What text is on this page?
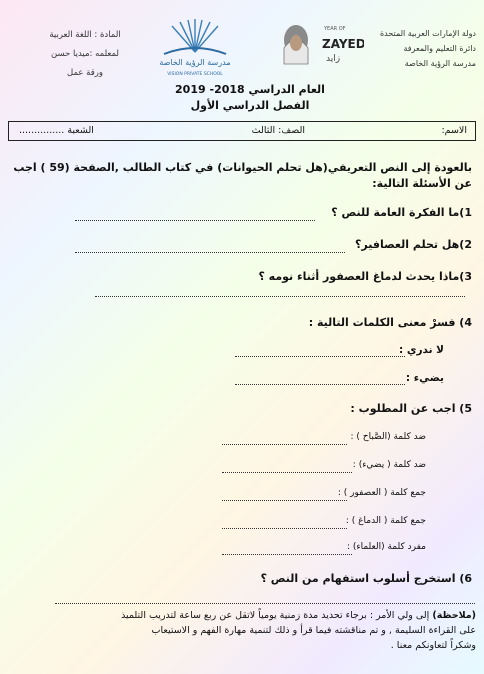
دولة الإمارات العربية المتحدة
دائرة التعليم والمعرفة
مدرسة الرؤية الخاصة
YEAR OF
ZAYED
زايد
مدرسة الرؤية الخاصة
VISION PRIVATE SCHOOL
المادة : اللغة العربية
لمعلمه :ميديا حسن
ورقة عمل
العام الدراسي 2018- 2019
الفصل الدراسي الأول
الاسم:
الصف: الثالث
الشعبة ...............
بالعودة إلى النص التعريفي(هل تحلم الحيوانات) في كتاب الطالب ,الصفحة (59 ) اجب عن الأسئلة التالية:
1)ما الفكرة العامة للنص ؟
2)هل تحلم العصافير؟
3)ماذا يحدث لدماغ العصفور أثناء نومه ؟
4) فسرْ معنى الكلمات التالية :
لا ندري :
يضيء :
5) اجب عن المطلوب :
ضد كلمة (الصَّباح ) :
ضد كلمة ( يضيء) :
جمع كلمة ( العصفور ) :
جمع كلمة ( الدماغ ) :
مفرد كلمة (العلماء) :
6) استخرج أسلوب استفهام من النص ؟
(ملاحظة) إلى ولي الأمر : برجاء تحديد مدة زمنية يومياً لاتقل عن ربع ساعة لتدريب التلميذ
على القراءة السليمة , و تم مناقشته فيما قرأ و ذلك لتنمية مهارة الفهم و الاستيعاب
وشكراً لتعاونكم معنا .
